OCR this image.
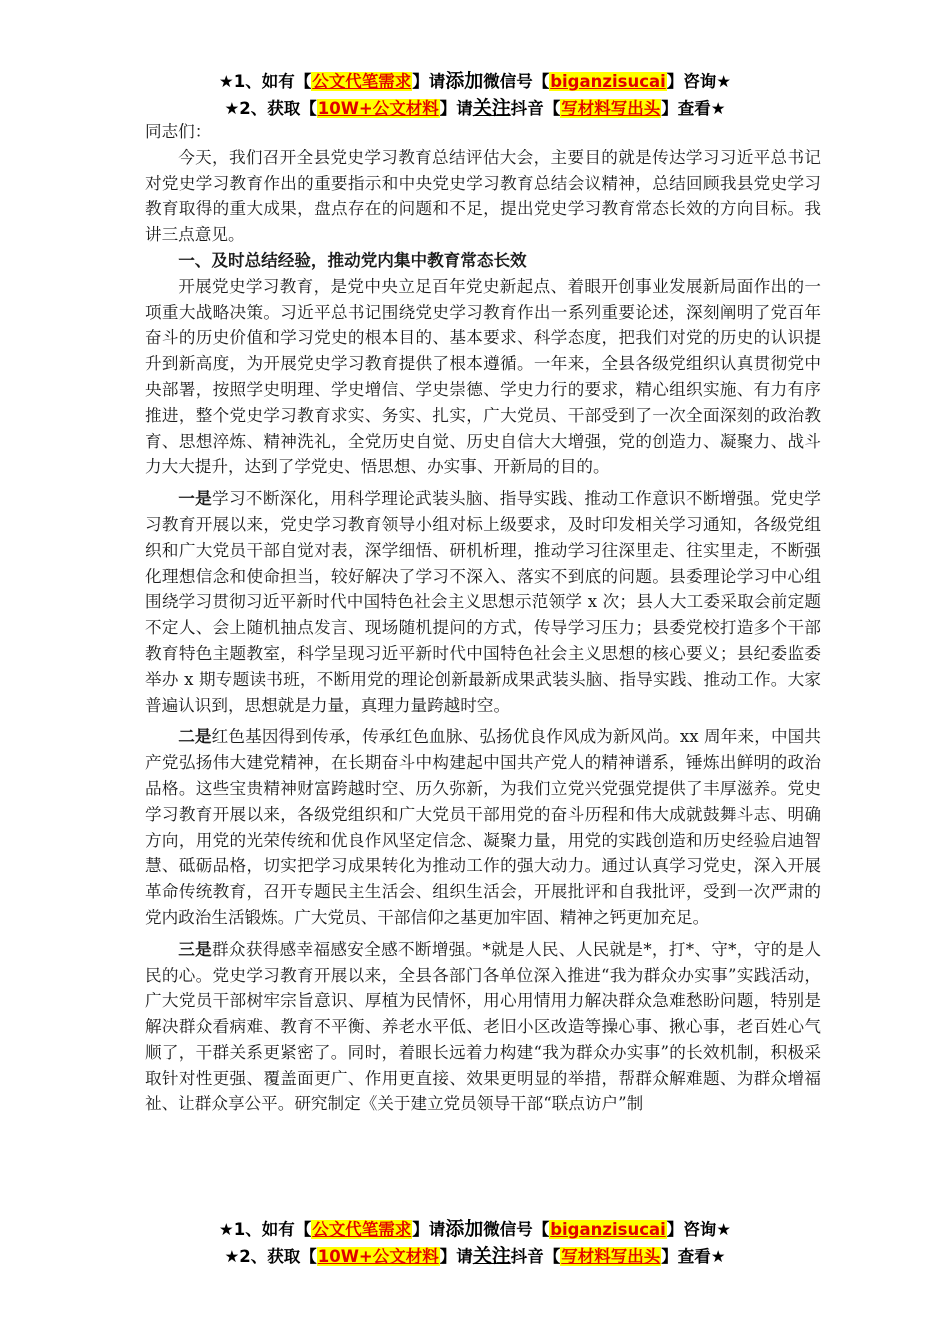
★1、如有【公文代笔需求】请添加微信号【biganzisucai】咨询★
★2、获取【10W+公文材料】请关注抖音【写材料写出头】查看★

同志们：

今天，我们召开全县党史学习教育总结评估大会，主要目的就是传达学习习近平总书记对党史学习教育作出的重要指示和中央党史学习教育总结会议精神，总结回顾我县党史学习教育取得的重大成果，盘点存在的问题和不足，提出党史学习教育常态长效的方向目标。我讲三点意见。

一、及时总结经验，推动党内集中教育常态长效

开展党史学习教育，是党中央立足百年党史新起点、着眼开创事业发展新局面作出的一项重大战略决策。习近平总书记围绕党史学习教育作出一系列重要论述，深刻阐明了党百年奋斗的历史价值和学习党史的根本目的、基本要求、科学态度，把我们对党的历史的认识提升到新高度，为开展党史学习教育提供了根本遵循。一年来，全县各级党组织认真贯彻党中央部署，按照学史明理、学史增信、学史崇德、学史力行的要求，精心组织实施、有力有序推进，整个党史学习教育求实、务实、扎实，广大党员、干部受到了一次全面深刻的政治教育、思想淬炼、精神洗礼，全党历史自觉、历史自信大大增强，党的创造力、凝聚力、战斗力大大提升，达到了学党史、悟思想、办实事、开新局的目的。

一是学习不断深化，用科学理论武装头脑、指导实践、推动工作意识不断增强。党史学习教育开展以来，党史学习教育领导小组对标上级要求，及时印发相关学习通知，各级党组织和广大党员干部自觉对表，深学细悟、研机析理，推动学习往深里走、往实里走，不断强化理想信念和使命担当，较好解决了学习不深入、落实不到底的问题。县委理论学习中心组围绕学习贯彻习近平新时代中国特色社会主义思想示范领学 x 次；县人大工委采取会前定题不定人、会上随机抽点发言、现场随机提问的方式，传导学习压力；县委党校打造多个干部教育特色主题教室，科学呈现习近平新时代中国特色社会主义思想的核心要义；县纪委监委举办 x 期专题读书班，不断用党的理论创新最新成果武装头脑、指导实践、推动工作。大家普遍认识到，思想就是力量，真理力量跨越时空。

二是红色基因得到传承，传承红色血脉、弘扬优良作风成为新风尚。xx 周年来，中国共产党弘扬伟大建党精神，在长期奋斗中构建起中国共产党人的精神谱系，锤炼出鲜明的政治品格。这些宝贵精神财富跨越时空、历久弥新，为我们立党兴党强党提供了丰厚滋养。党史学习教育开展以来，各级党组织和广大党员干部用党的奋斗历程和伟大成就鼓舞斗志、明确方向，用党的光荣传统和优良作风坚定信念、凝聚力量，用党的实践创造和历史经验启迪智慧、砥砺品格，切实把学习成果转化为推动工作的强大动力。通过认真学习党史，深入开展革命传统教育，召开专题民主生活会、组织生活会，开展批评和自我批评，受到一次严肃的党内政治生活锻炼。广大党员、干部信仰之基更加牢固、精神之钙更加充足。

三是群众获得感幸福感安全感不断增强。*就是人民、人民就是*，打*、守*，守的是人民的心。党史学习教育开展以来，全县各部门各单位深入推进“我为群众办实事”实践活动，广大党员干部树牢宗旨意识、厚植为民情怀，用心用情用力解决群众急难愁盼问题，特别是解决群众看病难、教育不平衡、养老水平低、老旧小区改造等操心事、揪心事，老百姓心气顺了，干群关系更紧密了。同时，着眼长远着力构建“我为群众办实事”的长效机制，积极采取针对性更强、覆盖面更广、作用更直接、效果更明显的举措，帮群众解难题、为群众增福祉、让群众享公平。研究制定《关于建立党员领导干部“联点访户”制

★1、如有【公文代笔需求】请添加微信号【biganzisucai】咨询★
★2、获取【10W+公文材料】请关注抖音【写材料写出头】查看★
